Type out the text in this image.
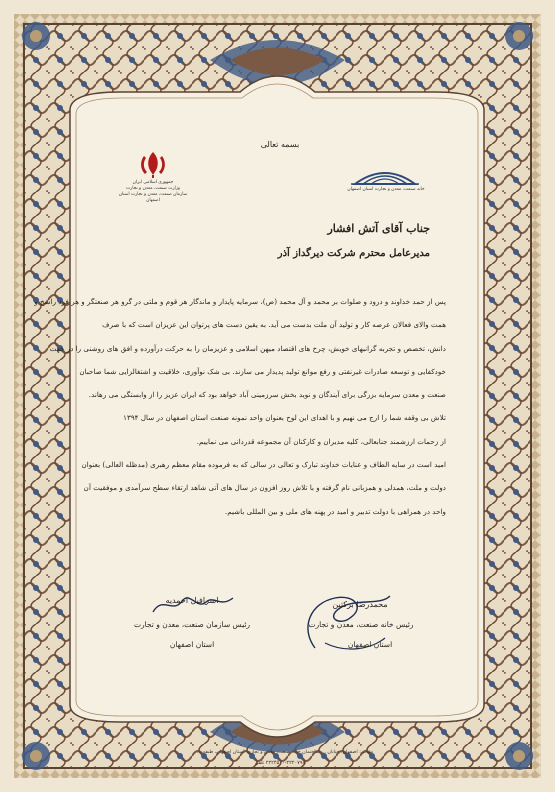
بسمه تعالی
جمهوری اسلامی ایران
وزارت صنعت، معدن و تجارت
سازمان صنعت، معدن و تجارت استان اصفهان
خانه صنعت، معدن و تجارت استان اصفهان
جناب آقای آتش افشار
مدیرعامل محترم شرکت دیرگداز آذر
پس از حمد خداوند و درود و صلوات بر محمد و آل محمد (ص)، سرمایه پایدار و ماندگار هر قوم و ملتی در گرو هر صنعتگر و هر فرد راسخ و
همت والای فعالان عرصه کار و تولید آن ملت بدست می آید. به یقین دست های پرتوان این عزیزان است که با صرف
دانش، تخصص و تجربه گرانبهای خویش، چرخ های اقتصاد میهن اسلامی و عزیزمان را به حرکت درآورده و افق های روشنی را در جهت
خودکفایی و توسعه صادرات غیرنفتی و رفع موانع تولید پدیدار می سازند. بی شک نوآوری، خلاقیت و اشتغالزایی شما صاحبان
صنعت و معدن سرمایه بزرگی برای آیندگان و نوید بخش سرزمینی آباد خواهد بود که ایران عزیز را از وابستگی می رهاند.
تلاش بی وقفه شما را ارج می نهیم و با اهدای این لوح بعنوان واحد نمونه صنعت استان اصفهان در سال ۱۳۹۴
از زحمات ارزشمند جنابعالی، کلیه مدیران و کارکنان آن مجموعه قدردانی می نماییم.
امید است در سایه الطاف و عنایات خداوند تبارک و تعالی در سالی که به فرموده مقام معظم رهبری (مدظله العالی) بعنوان
دولت و ملت، همدلی و همزبانی نام گرفته و با تلاش روز افزون در سال های آتی شاهد ارتقاء سطح سرآمدی و موفقیت آن
واحد در همراهی با دولت تدبیر و امید در پهنه های ملی و بین المللی باشیم.
اسرافیل احمدیه
رئیس سازمان صنعت، معدن و تجارت
استان اصفهان
محمدرضا برکتین
رئیس خانه صنعت، معدن و تجارت
استان اصفهان
نشانی: اصفهان، خیابان ... ساختمان خانه صنعت، معدن و تجارت استان اصفهان، طبقه ...
۲۲۲۴۵۰۰-۲۲۲۰۷۹۸ تلفن
